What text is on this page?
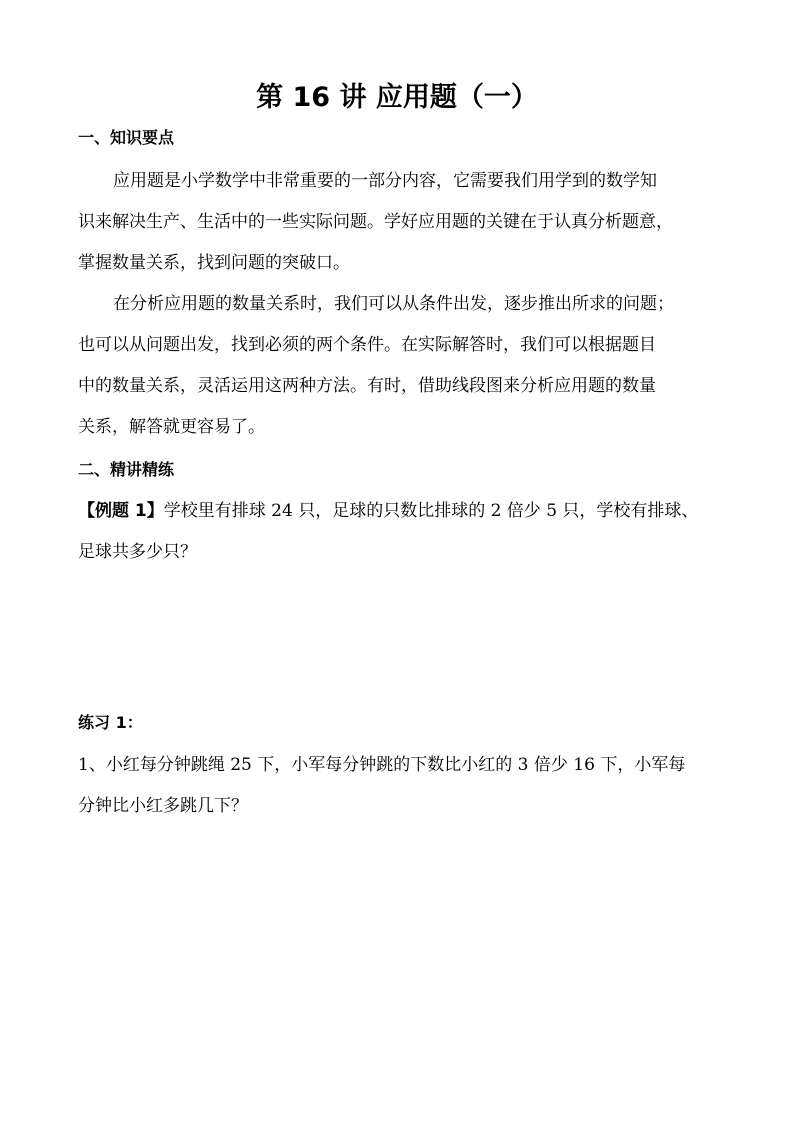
第 16 讲 应用题（一）
一、知识要点
应用题是小学数学中非常重要的一部分内容，它需要我们用学到的数学知
识来解决生产、生活中的一些实际问题。学好应用题的关键在于认真分析题意，
掌握数量关系，找到问题的突破口。
在分析应用题的数量关系时，我们可以从条件出发，逐步推出所求的问题；
也可以从问题出发，找到必须的两个条件。在实际解答时，我们可以根据题目
中的数量关系，灵活运用这两种方法。有时，借助线段图来分析应用题的数量
关系，解答就更容易了。
二、精讲精练
【例题 1】学校里有排球 24 只，足球的只数比排球的 2 倍少 5 只，学校有排球、
足球共多少只？
练习 1：
1、小红每分钟跳绳 25 下，小军每分钟跳的下数比小红的 3 倍少 16 下，小军每
分钟比小红多跳几下？
